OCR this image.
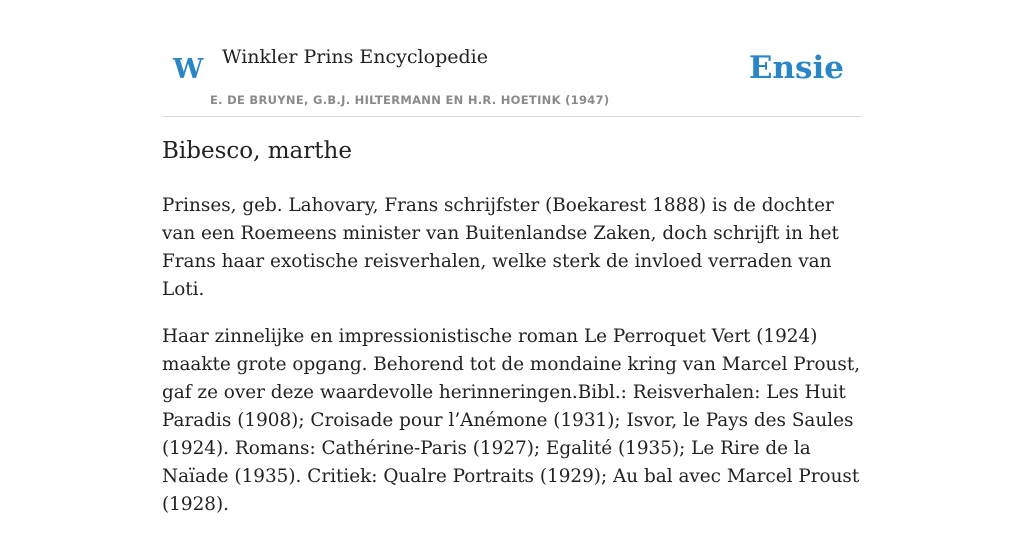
W Winkler Prins Encyclopedie
E. DE BRUYNE, G.B.J. HILTERMANN EN H.R. HOETINK (1947)
Ensie
Bibesco, marthe

Prinses, geb. Lahovary, Frans schrijfster (Boekarest 1888) is de dochter van een Roemeens minister van Buitenlandse Zaken, doch schrijft in het Frans haar exotische reisverhalen, welke sterk de invloed verraden van Loti.

Haar zinnelijke en impressionistische roman Le Perroquet Vert (1924) maakte grote opgang. Behorend tot de mondaine kring van Marcel Proust, gaf ze over deze waardevolle herinneringen.Bibl.: Reisverhalen: Les Huit Paradis (1908); Croisade pour l’Anémone (1931); Isvor, le Pays des Saules (1924). Romans: Cathérine-Paris (1927); Egalité (1935); Le Rire de la Naïade (1935). Critiek: Qualre Portraits (1929); Au bal avec Marcel Proust (1928).
